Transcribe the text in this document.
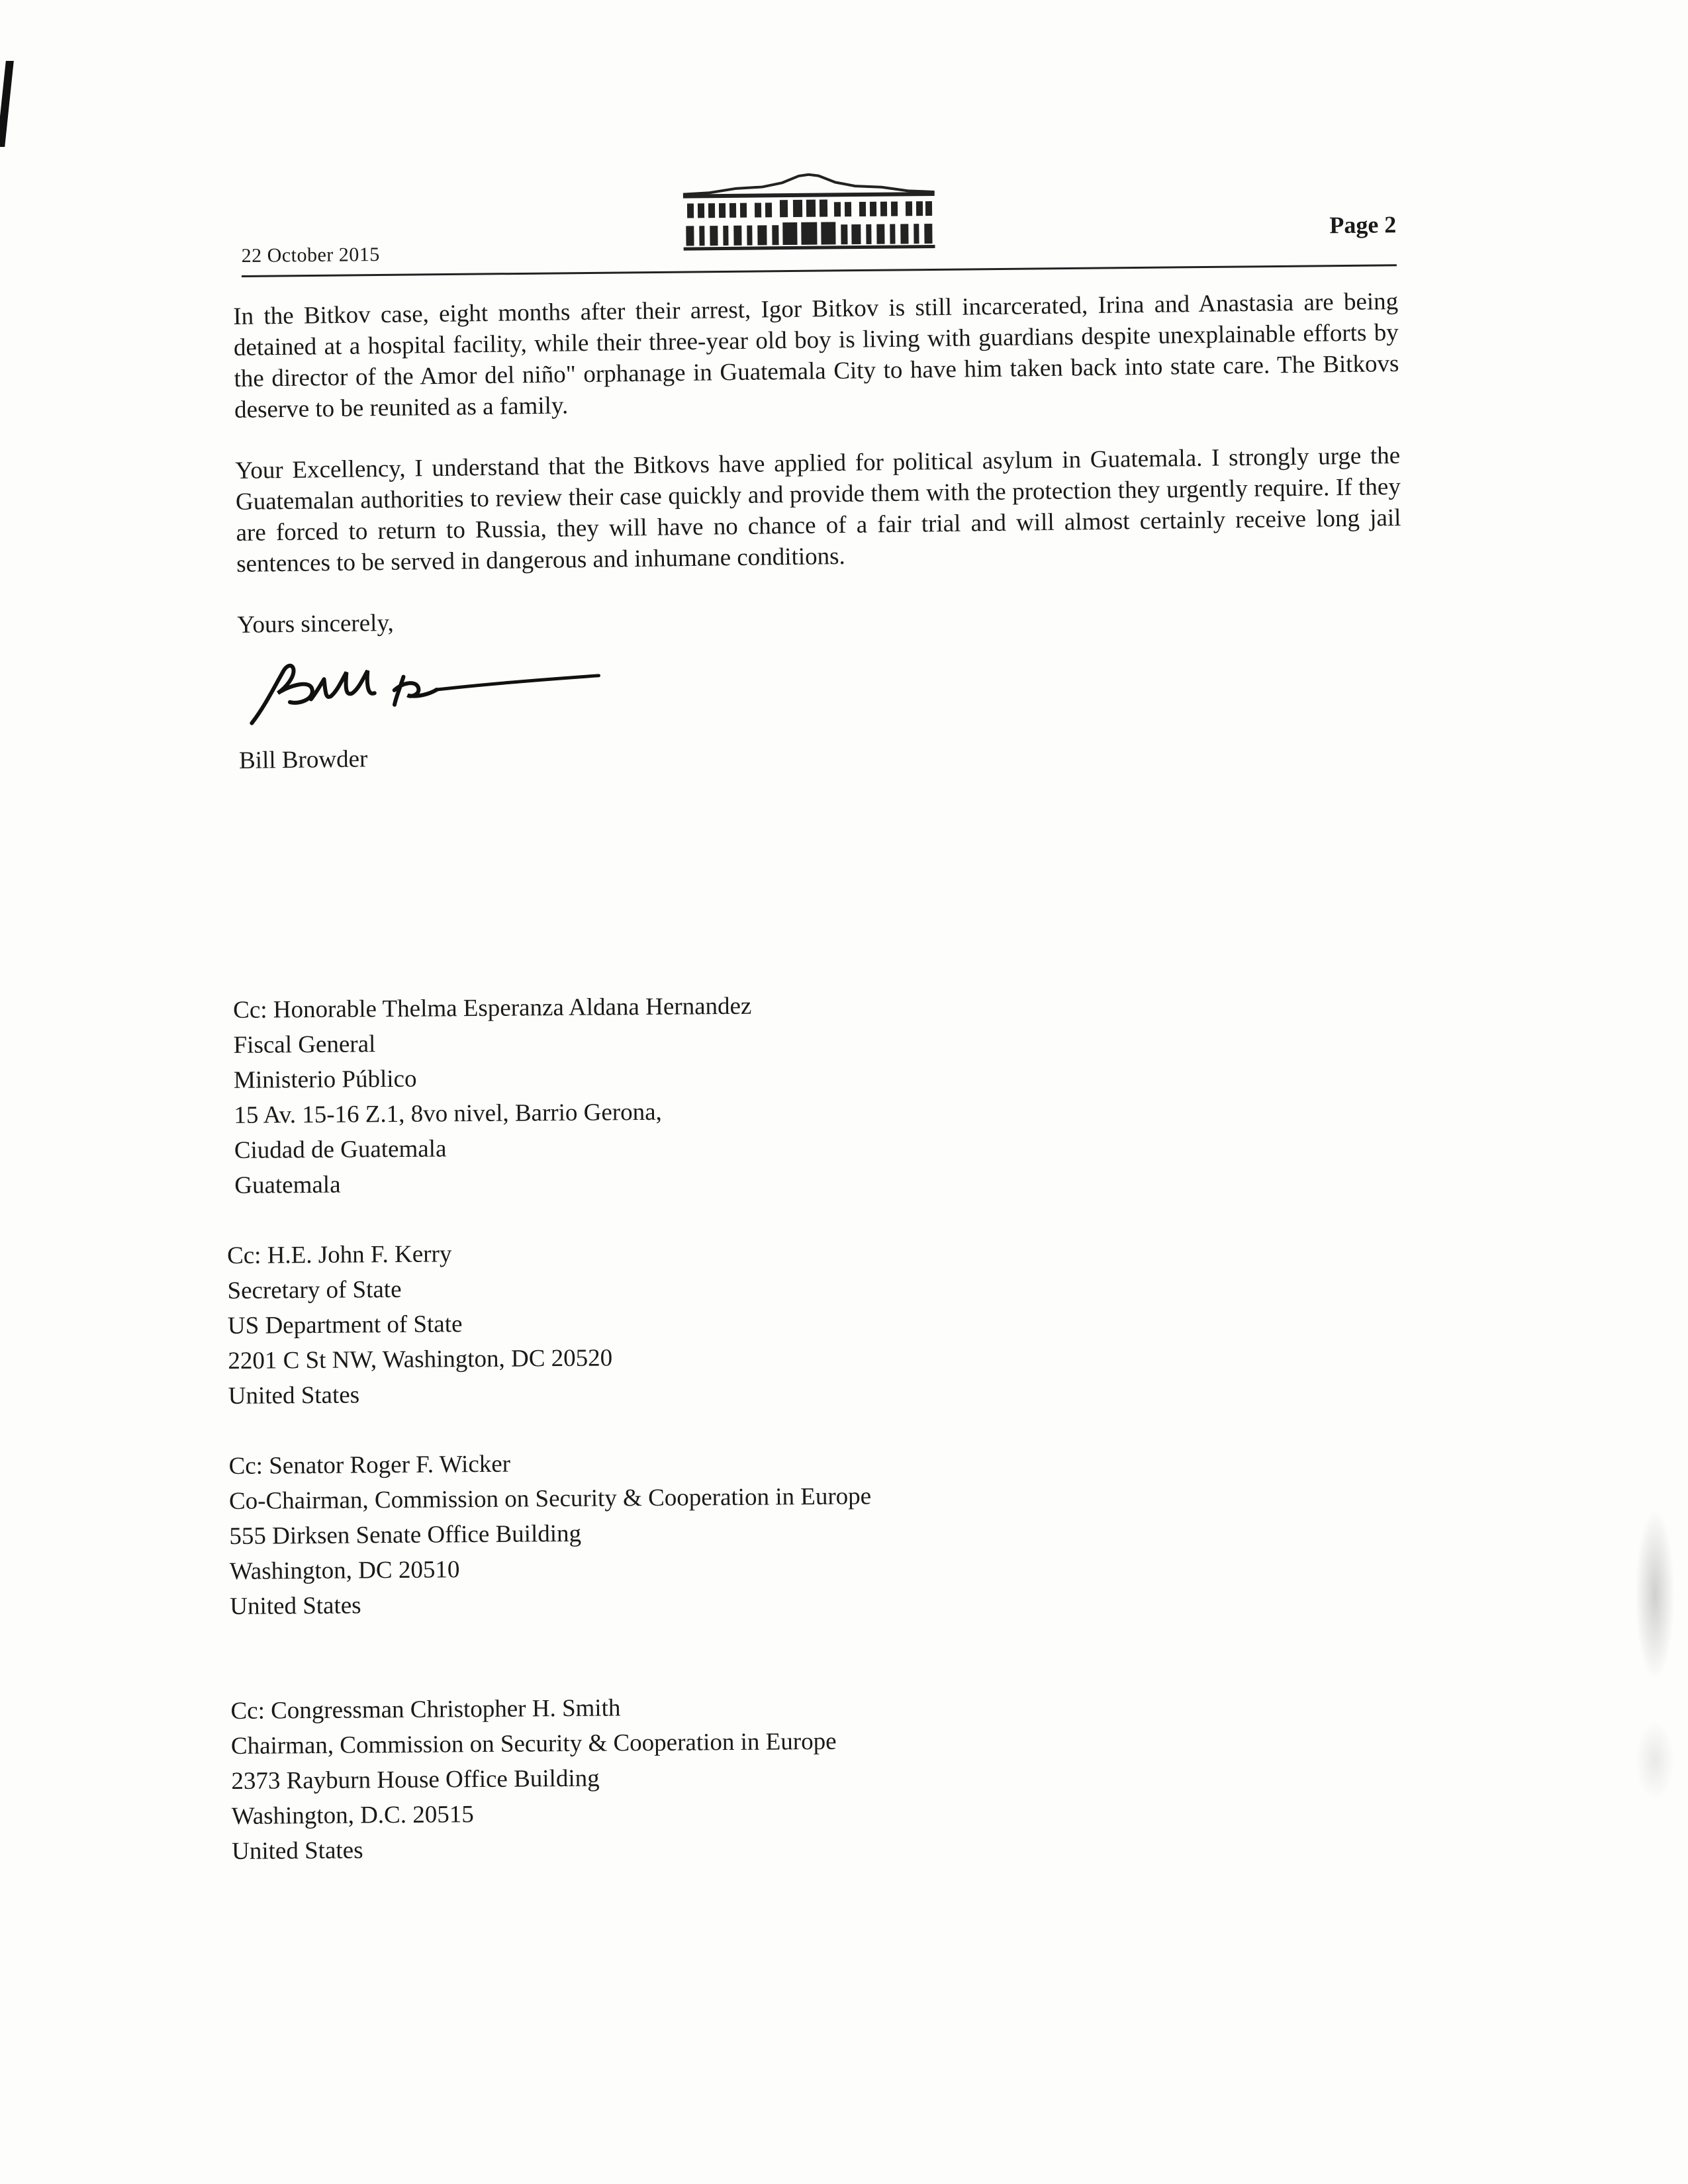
22 October 2015
Page 2

In the Bitkov case, eight months after their arrest, Igor Bitkov is still incarcerated, Irina and Anastasia are being detained at a hospital facility, while their three-year old boy is living with guardians despite unexplainable efforts by the director of the Amor del niño" orphanage in Guatemala City to have him taken back into state care. The Bitkovs deserve to be reunited as a family.

Your Excellency, I understand that the Bitkovs have applied for political asylum in Guatemala. I strongly urge the Guatemalan authorities to review their case quickly and provide them with the protection they urgently require. If they are forced to return to Russia, they will have no chance of a fair trial and will almost certainly receive long jail sentences to be served in dangerous and inhumane conditions.

Yours sincerely,
Bill Browder
Cc: Honorable Thelma Esperanza Aldana Hernandez
Fiscal General
Ministerio Público
15 Av. 15-16 Z.1, 8vo nivel, Barrio Gerona,
Ciudad de Guatemala
Guatemala
Cc: H.E. John F. Kerry
Secretary of State
US Department of State
2201 C St NW, Washington, DC 20520
United States
Cc: Senator Roger F. Wicker
Co-Chairman, Commission on Security & Cooperation in Europe
555 Dirksen Senate Office Building
Washington, DC 20510
United States
Cc: Congressman Christopher H. Smith
Chairman, Commission on Security & Cooperation in Europe
2373 Rayburn House Office Building
Washington, D.C. 20515
United States
